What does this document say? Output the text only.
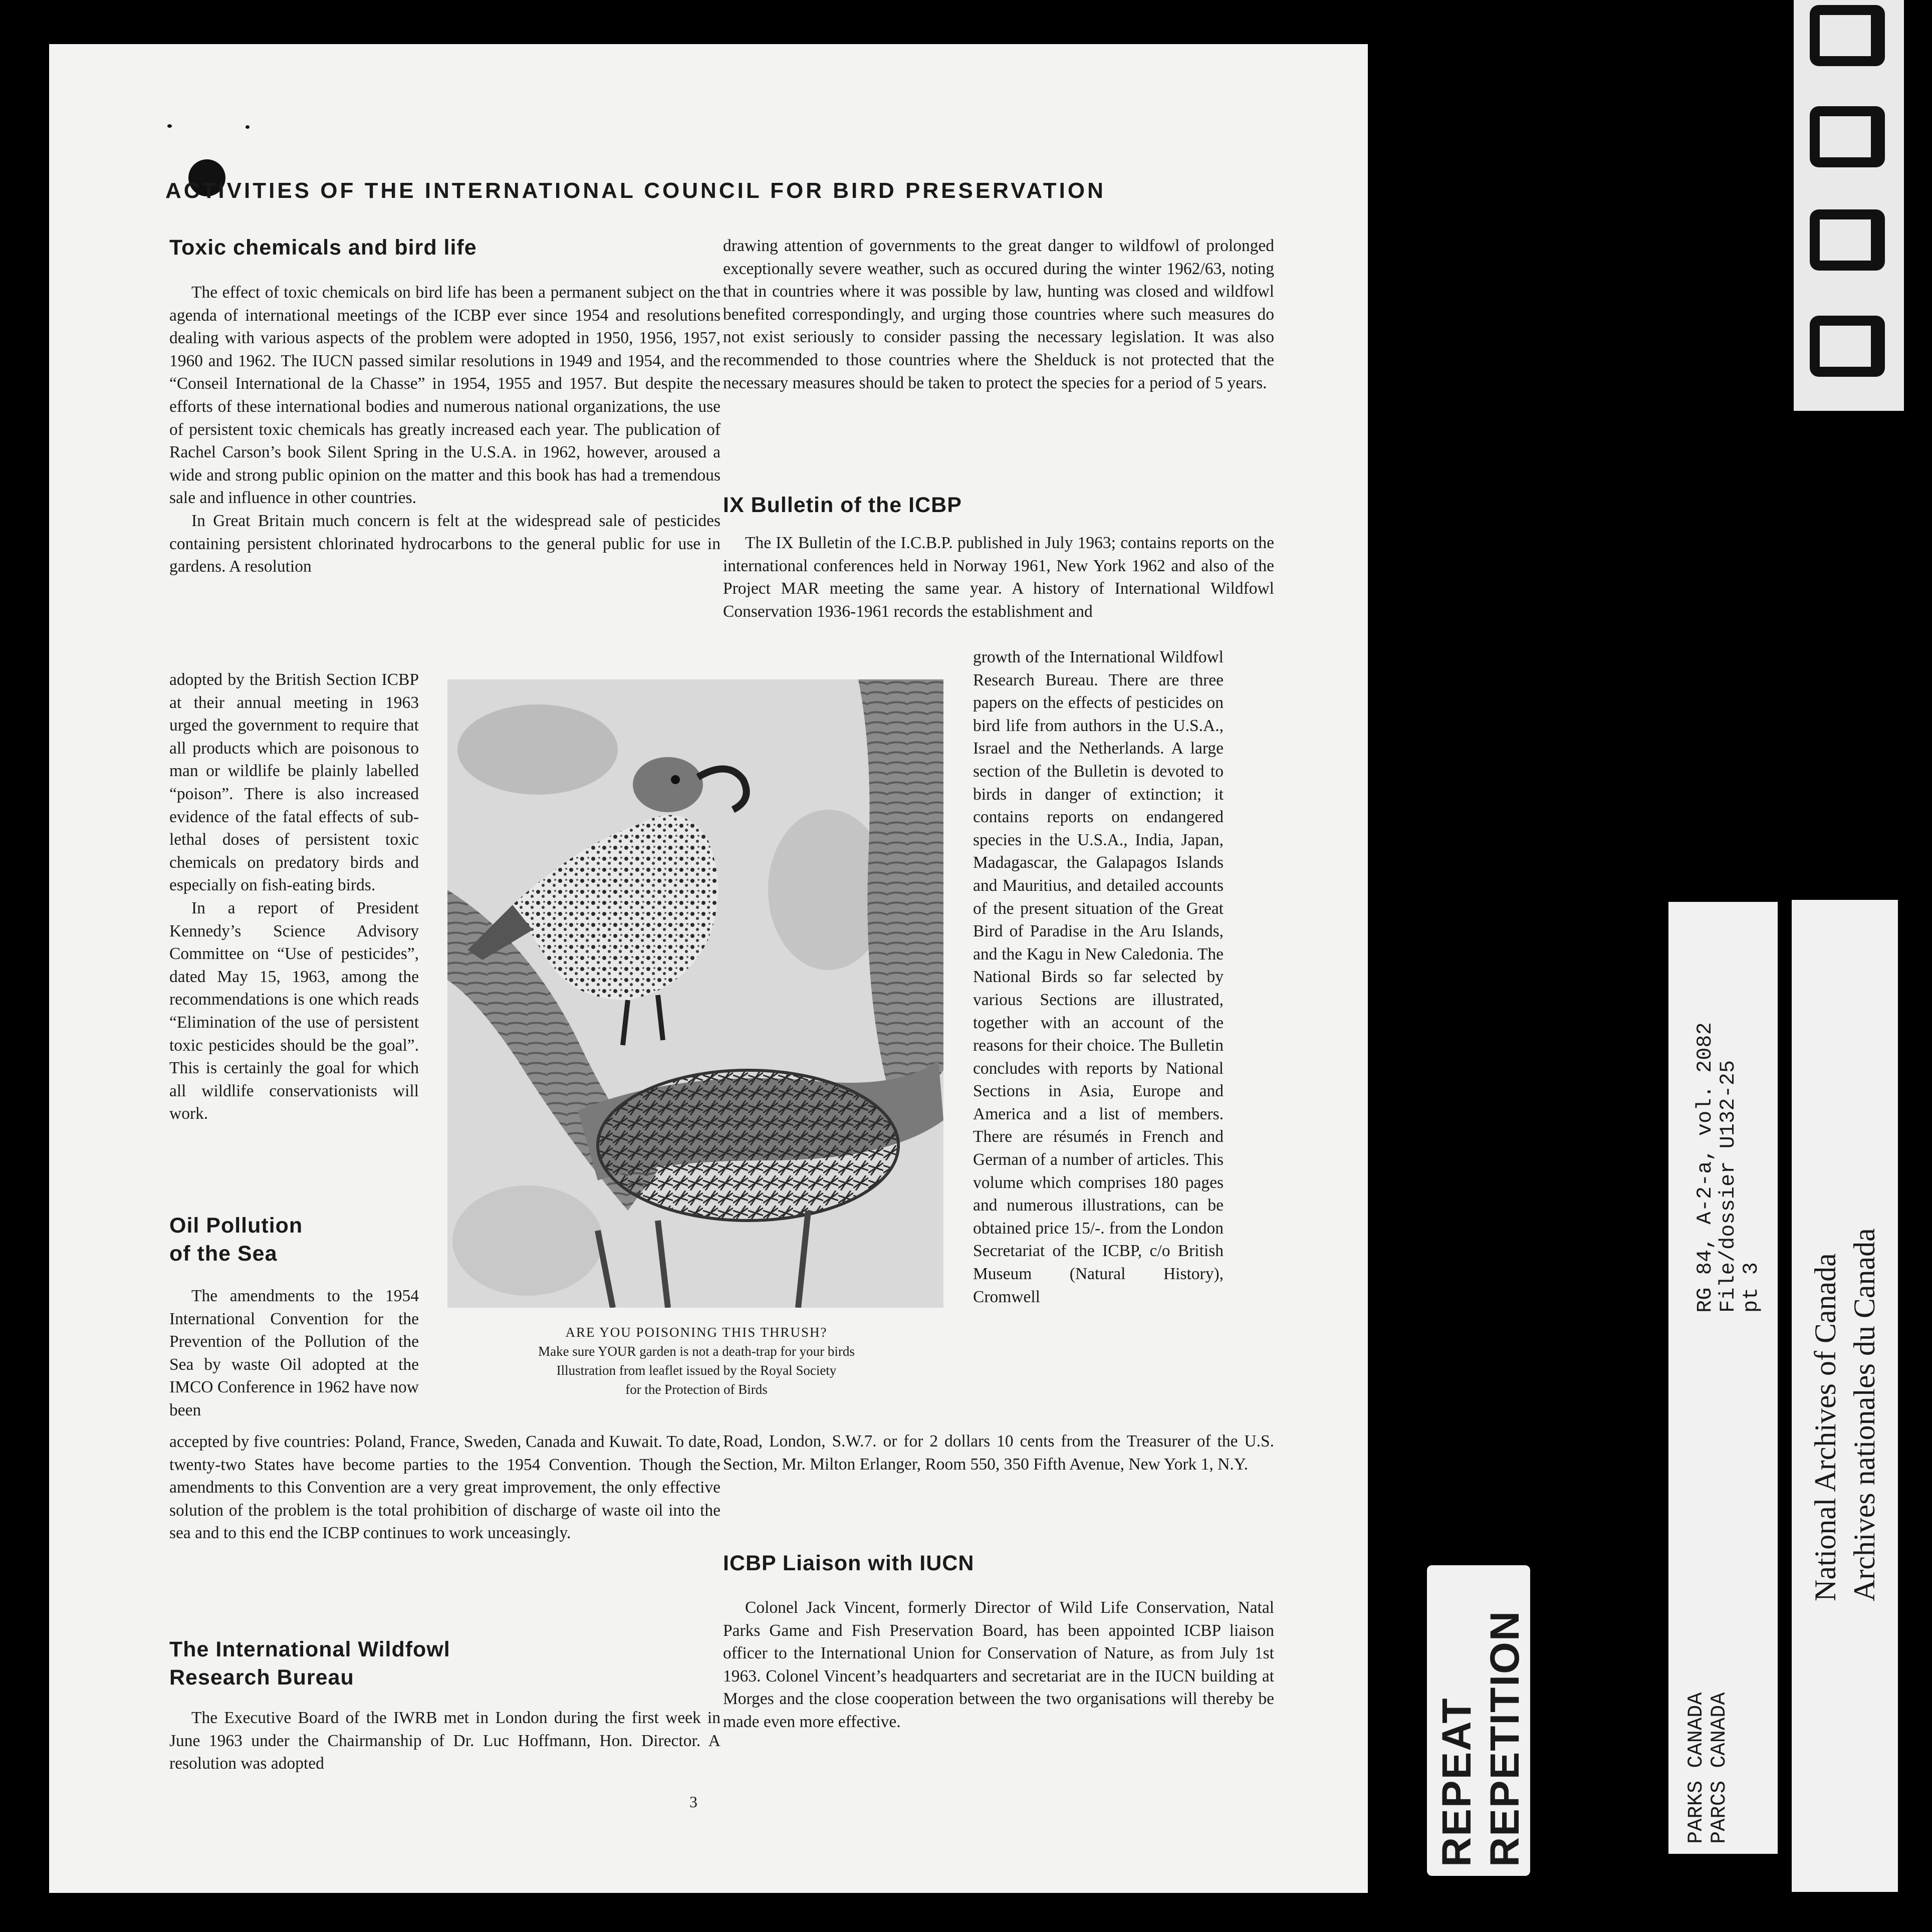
ACTIVITIES OF THE INTERNATIONAL COUNCIL FOR BIRD PRESERVATION
Toxic chemicals and bird life

The effect of toxic chemicals on bird life has been a permanent subject on the agenda of international meetings of the ICBP ever since 1954 and resolutions dealing with various aspects of the problem were adopted in 1950, 1956, 1957, 1960 and 1962. The IUCN passed similar resolutions in 1949 and 1954, and the “Conseil International de la Chasse” in 1954, 1955 and 1957. But despite the efforts of these international bodies and numerous national organizations, the use of persistent toxic chemicals has greatly increased each year. The publication of Rachel Carson’s book Silent Spring in the U.S.A. in 1962, however, aroused a wide and strong public opinion on the matter and this book has had a tremendous sale and influence in other countries.

In Great Britain much concern is felt at the widespread sale of pesticides containing persistent chlorinated hydrocarbons to the general public for use in gardens. A resolution

adopted by the British Section ICBP at their annual meeting in 1963 urged the government to require that all products which are poisonous to man or wildlife be plainly labelled “poison”. There is also increased evidence of the fatal effects of sub-lethal doses of persistent toxic chemicals on predatory birds and especially on fish-eating birds.

In a report of President Kennedy’s Science Advisory Committee on “Use of pesticides”, dated May 15, 1963, among the recommendations is one which reads “Elimination of the use of persistent toxic pesticides should be the goal”. This is certainly the goal for which all wildlife conservationists will work.

Oil Pollution
of the Sea

The amendments to the 1954 International Convention for the Prevention of the Pollution of the Sea by waste Oil adopted at the IMCO Conference in 1962 have now been

accepted by five countries: Poland, France, Sweden, Canada and Kuwait. To date, twenty-two States have become parties to the 1954 Convention. Though the amendments to this Convention are a very great improvement, the only effective solution of the problem is the total prohibition of discharge of waste oil into the sea and to this end the ICBP continues to work unceasingly.

The International Wildfowl
Research Bureau

The Executive Board of the IWRB met in London during the first week in June 1963 under the Chairmanship of Dr. Luc Hoffmann, Hon. Director. A resolution was adopted

drawing attention of governments to the great danger to wildfowl of prolonged exceptionally severe weather, such as occured during the winter 1962/63, noting that in countries where it was possible by law, hunting was closed and wildfowl benefited correspondingly, and urging those countries where such measures do not exist seriously to consider passing the necessary legislation. It was also recommended to those countries where the Shelduck is not protected that the necessary measures should be taken to protect the species for a period of 5 years.

IX Bulletin of the ICBP

The IX Bulletin of the I.C.B.P. published in July 1963; contains reports on the international conferences held in Norway 1961, New York 1962 and also of the Project MAR meeting the same year. A history of International Wildfowl Conservation 1936-1961 records the establishment and

growth of the International Wildfowl Research Bureau. There are three papers on the effects of pesticides on bird life from authors in the U.S.A., Israel and the Netherlands. A large section of the Bulletin is devoted to birds in danger of extinction; it contains reports on endangered species in the U.S.A., India, Japan, Madagascar, the Galapagos Islands and Mauritius, and detailed accounts of the present situation of the Great Bird of Paradise in the Aru Islands, and the Kagu in New Caledonia. The National Birds so far selected by various Sections are illustrated, together with an account of the reasons for their choice. The Bulletin concludes with reports by National Sections in Asia, Europe and America and a list of members. There are résumés in French and German of a number of articles. This volume which comprises 180 pages and numerous illustrations, can be obtained price 15/-. from the London Secretariat of the ICBP, c/o British Museum (Natural History), Cromwell

Road, London, S.W.7. or for 2 dollars 10 cents from the Treasurer of the U.S. Section, Mr. Milton Erlanger, Room 550, 350 Fifth Avenue, New York 1, N.Y.

ICBP Liaison with IUCN

Colonel Jack Vincent, formerly Director of Wild Life Conservation, Natal Parks Game and Fish Preservation Board, has been appointed ICBP liaison officer to the International Union for Conservation of Nature, as from July 1st 1963. Colonel Vincent’s headquarters and secretariat are in the IUCN building at Morges and the close cooperation between the two organisations will thereby be made even more effective.

ARE YOU POISONING THIS THRUSH?
Make sure YOUR garden is not a death-trap for your birds
Illustration from leaflet issued by the Royal Society
for the Protection of Birds

3	REPEAT REPETITION	PARKS CANADA
PARCS CANADA
RG 84, A-2-a, vol. 2082
File/dossier U132-25
pt 3 National Archives of Canada Archives nationales du Canada
